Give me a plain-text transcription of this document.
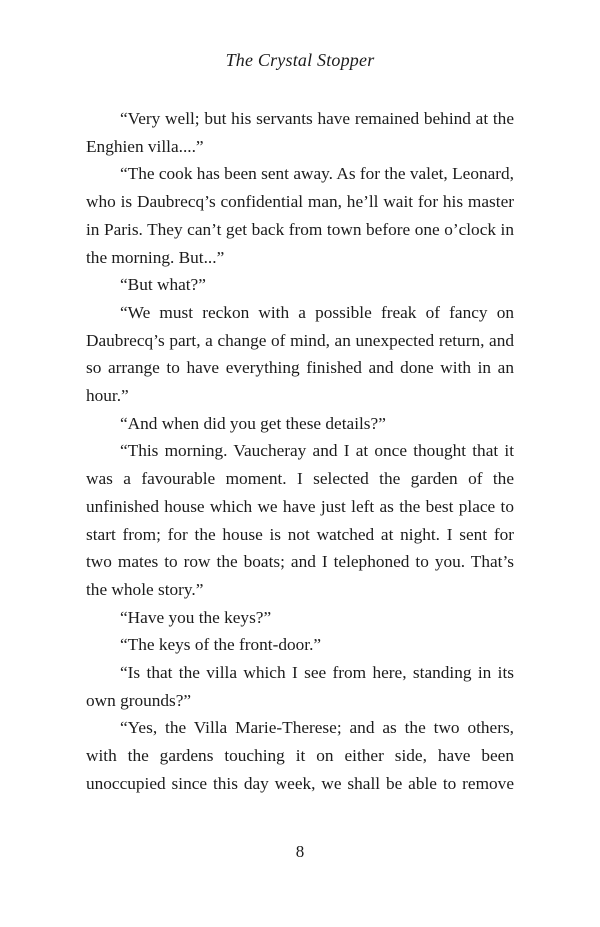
The Crystal Stopper

“Very well; but his servants have remained behind at the Enghien villa....”

“The cook has been sent away. As for the valet, Leonard, who is Daubrecq’s confidential man, he’ll wait for his master in Paris. They can’t get back from town before one o’clock in the morning. But...”

“But what?”

“We must reckon with a possible freak of fancy on Daubrecq’s part, a change of mind, an unexpected return, and so arrange to have everything finished and done with in an hour.”

“And when did you get these details?”

“This morning. Vaucheray and I at once thought that it was a favourable moment. I selected the garden of the unfinished house which we have just left as the best place to start from; for the house is not watched at night. I sent for two mates to row the boats; and I telephoned to you. That’s the whole story.”

“Have you the keys?”

“The keys of the front-door.”

“Is that the villa which I see from here, standing in its own grounds?”

“Yes, the Villa Marie-Therese; and as the two others, with the gardens touching it on either side, have been unoccupied since this day week, we shall be able to remove

8
